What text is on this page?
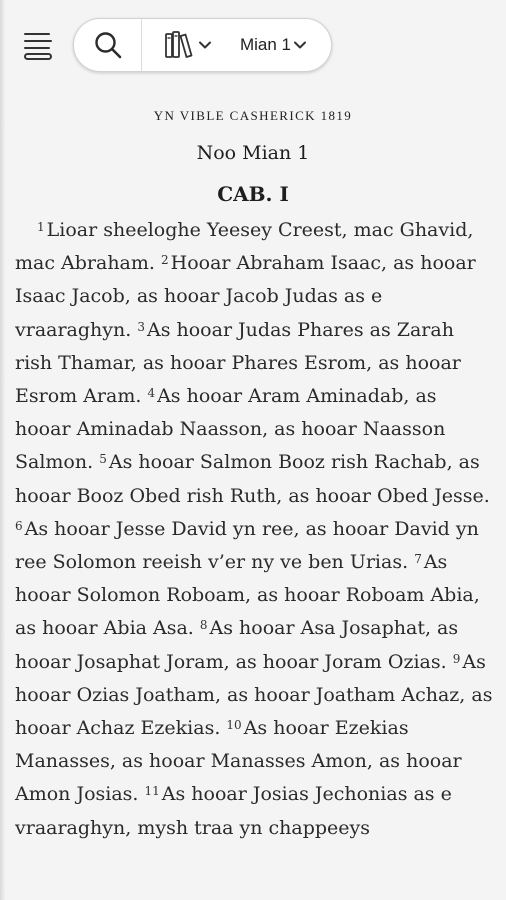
Mian 1
YN VIBLE CASHERICK 1819
Noo Mian 1
CAB. I

$^1$ Lioar sheeloghe Yeesey Creest, mac Ghavid, mac Abraham. $^2$ Hooar Abraham Isaac, as hooar Isaac Jacob, as hooar Jacob Judas as e vraaraghyn. $^3$ As hooar Judas Phares as Zarah rish Thamar, as hooar Phares Esrom, as hooar Esrom Aram. $^4$ As hooar Aram Aminadab, as hooar Aminadab Naasson, as hooar Naasson Salmon. $^5$ As hooar Salmon Booz rish Rachab, as hooar Booz Obed rish Ruth, as hooar Obed Jesse. $^6$ As hooar Jesse David yn ree, as hooar David yn ree Solomon reeish v’er ny ve ben Urias. $^7$ As hooar Solomon Roboam, as hooar Roboam Abia, as hooar Abia Asa. $^8$ As hooar Asa Josaphat, as hooar Josaphat Joram, as hooar Joram Ozias. $^9$ As hooar Ozias Joatham, as hooar Joatham Achaz, as hooar Achaz Ezekias. $^{10}$ As hooar Ezekias Manasses, as hooar Manasses Amon, as hooar Amon Josias. $^{11}$ As hooar Josias Jechonias as e vraaraghyn, mysh traa yn chappeeys
